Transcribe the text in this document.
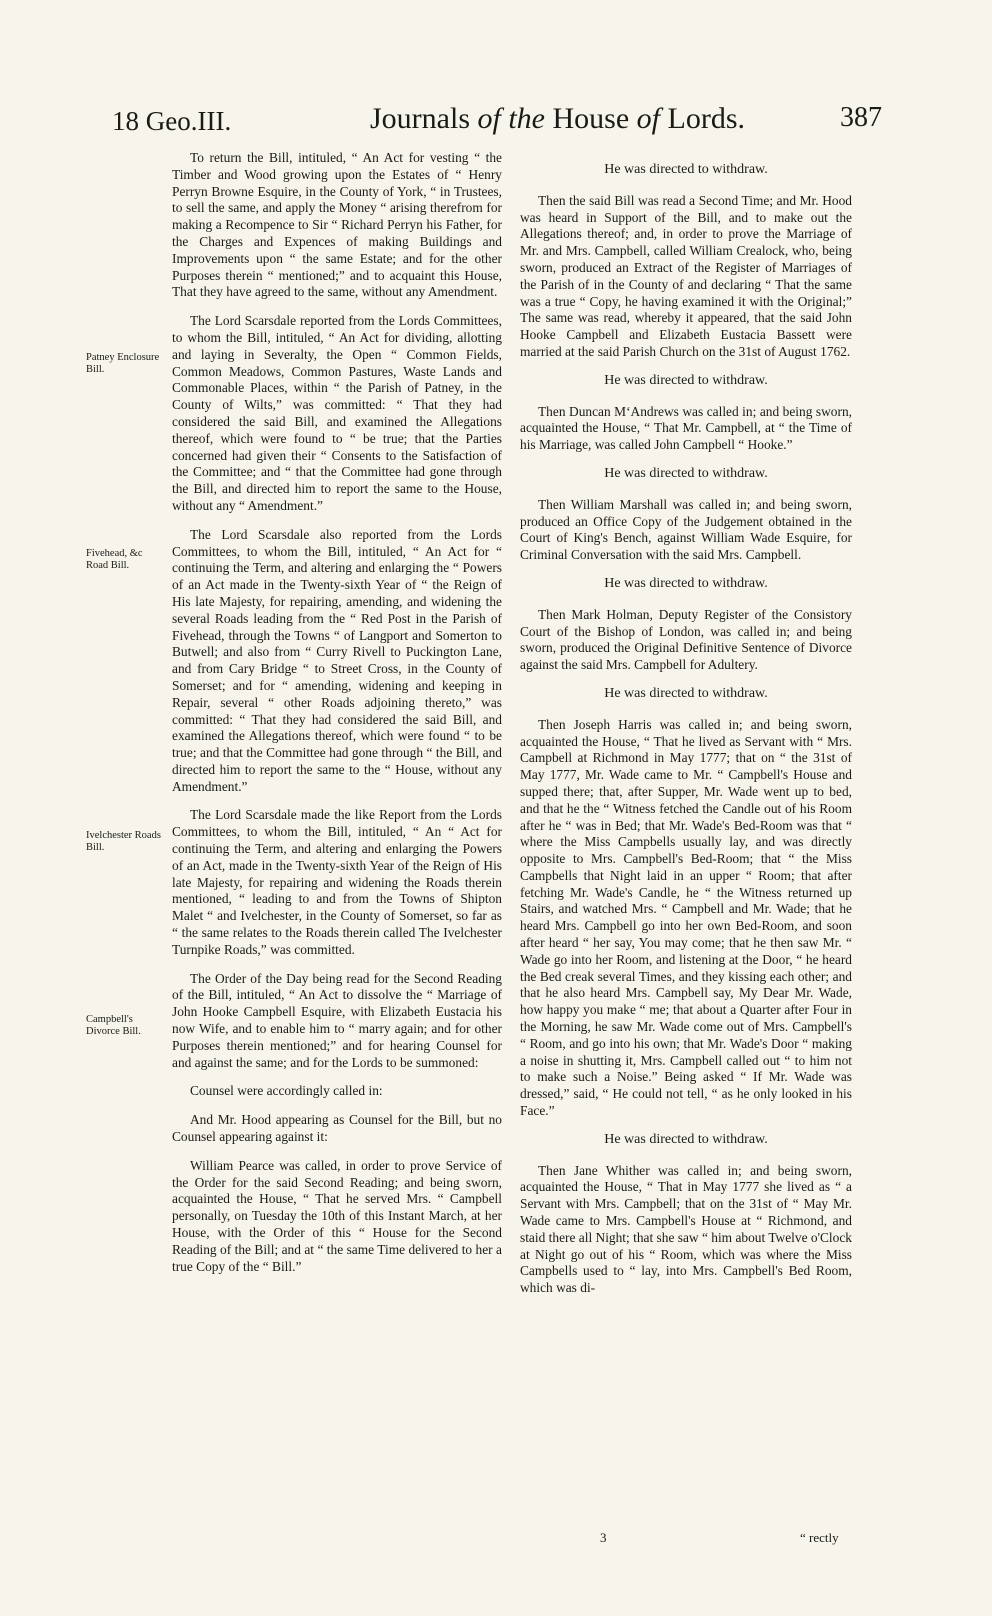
18 Geo.III.	Journals of the House of Lords.	387
Patney Enclosure Bill.
Fivehead, &c Road Bill.
Ivelchester Roads Bill.
Campbell's Divorce Bill.

To return the Bill, intituled, “ An Act for vesting “ the Timber and Wood growing upon the Estates of “ Henry Perryn Browne Esquire, in the County of York, “ in Trustees, to sell the same, and apply the Money “ arising therefrom for making a Recompence to Sir “ Richard Perryn his Father, for the Charges and Expences of making Buildings and Improvements upon “ the same Estate; and for the other Purposes therein “ mentioned;” and to acquaint this House, That they have agreed to the same, without any Amendment.

The Lord Scarsdale reported from the Lords Committees, to whom the Bill, intituled, “ An Act for dividing, allotting and laying in Severalty, the Open “ Common Fields, Common Meadows, Common Pastures, Waste Lands and Commonable Places, within “ the Parish of Patney, in the County of Wilts,” was committed: “ That they had considered the said Bill, and examined the Allegations thereof, which were found to “ be true; that the Parties concerned had given their “ Consents to the Satisfaction of the Committee; and “ that the Committee had gone through the Bill, and directed him to report the same to the House, without any “ Amendment.”

The Lord Scarsdale also reported from the Lords Committees, to whom the Bill, intituled, “ An Act for “ continuing the Term, and altering and enlarging the “ Powers of an Act made in the Twenty-sixth Year of “ the Reign of His late Majesty, for repairing, amending, and widening the several Roads leading from the “ Red Post in the Parish of Fivehead, through the Towns “ of Langport and Somerton to Butwell; and also from “ Curry Rivell to Puckington Lane, and from Cary Bridge “ to Street Cross, in the County of Somerset; and for “ amending, widening and keeping in Repair, several “ other Roads adjoining thereto,” was committed: “ That they had considered the said Bill, and examined the Allegations thereof, which were found “ to be true; and that the Committee had gone through “ the Bill, and directed him to report the same to the “ House, without any Amendment.”

The Lord Scarsdale made the like Report from the Lords Committees, to whom the Bill, intituled, “ An “ Act for continuing the Term, and altering and enlarging the Powers of an Act, made in the Twenty-sixth Year of the Reign of His late Majesty, for repairing and widening the Roads therein mentioned, “ leading to and from the Towns of Shipton Malet “ and Ivelchester, in the County of Somerset, so far as “ the same relates to the Roads therein called The Ivelchester Turnpike Roads,” was committed.

The Order of the Day being read for the Second Reading of the Bill, intituled, “ An Act to dissolve the “ Marriage of John Hooke Campbell Esquire, with Elizabeth Eustacia his now Wife, and to enable him to “ marry again; and for other Purposes therein mentioned;” and for hearing Counsel for and against the same; and for the Lords to be summoned:

Counsel were accordingly called in:

And Mr. Hood appearing as Counsel for the Bill, but no Counsel appearing against it:

William Pearce was called, in order to prove Service of the Order for the said Second Reading; and being sworn, acquainted the House, “ That he served Mrs. “ Campbell personally, on Tuesday the 10th of this Instant March, at her House, with the Order of this “ House for the Second Reading of the Bill; and at “ the same Time delivered to her a true Copy of the “ Bill.”

He was directed to withdraw.

Then the said Bill was read a Second Time; and Mr. Hood was heard in Support of the Bill, and to make out the Allegations thereof; and, in order to prove the Marriage of Mr. and Mrs. Campbell, called William Crealock, who, being sworn, produced an Extract of the Register of Marriages of the Parish of in the County of and declaring “ That the same was a true “ Copy, he having examined it with the Original;” The same was read, whereby it appeared, that the said John Hooke Campbell and Elizabeth Eustacia Bassett were married at the said Parish Church on the 31st of August 1762.

He was directed to withdraw.

Then Duncan M‘Andrews was called in; and being sworn, acquainted the House, “ That Mr. Campbell, at “ the Time of his Marriage, was called John Campbell “ Hooke.”

He was directed to withdraw.

Then William Marshall was called in; and being sworn, produced an Office Copy of the Judgement obtained in the Court of King's Bench, against William Wade Esquire, for Criminal Conversation with the said Mrs. Campbell.

He was directed to withdraw.

Then Mark Holman, Deputy Register of the Consistory Court of the Bishop of London, was called in; and being sworn, produced the Original Definitive Sentence of Divorce against the said Mrs. Campbell for Adultery.

He was directed to withdraw.

Then Joseph Harris was called in; and being sworn, acquainted the House, “ That he lived as Servant with “ Mrs. Campbell at Richmond in May 1777; that on “ the 31st of May 1777, Mr. Wade came to Mr. “ Campbell's House and supped there; that, after Supper, Mr. Wade went up to bed, and that he the “ Witness fetched the Candle out of his Room after he “ was in Bed; that Mr. Wade's Bed-Room was that “ where the Miss Campbells usually lay, and was directly opposite to Mrs. Campbell's Bed-Room; that “ the Miss Campbells that Night laid in an upper “ Room; that after fetching Mr. Wade's Candle, he “ the Witness returned up Stairs, and watched Mrs. “ Campbell and Mr. Wade; that he heard Mrs. Campbell go into her own Bed-Room, and soon after heard “ her say, You may come; that he then saw Mr. “ Wade go into her Room, and listening at the Door, “ he heard the Bed creak several Times, and they kissing each other; and that he also heard Mrs. Campbell say, My Dear Mr. Wade, how happy you make “ me; that about a Quarter after Four in the Morning, he saw Mr. Wade come out of Mrs. Campbell's “ Room, and go into his own; that Mr. Wade's Door “ making a noise in shutting it, Mrs. Campbell called out “ to him not to make such a Noise.” Being asked “ If Mr. Wade was dressed,” said, “ He could not tell, “ as he only looked in his Face.”

He was directed to withdraw.

Then Jane Whither was called in; and being sworn, acquainted the House, “ That in May 1777 she lived as “ a Servant with Mrs. Campbell; that on the 31st of “ May Mr. Wade came to Mrs. Campbell's House at “ Richmond, and staid there all Night; that she saw “ him about Twelve o'Clock at Night go out of his “ Room, which was where the Miss Campbells used to “ lay, into Mrs. Campbell's Bed Room, which was di-

3	“ rectly
